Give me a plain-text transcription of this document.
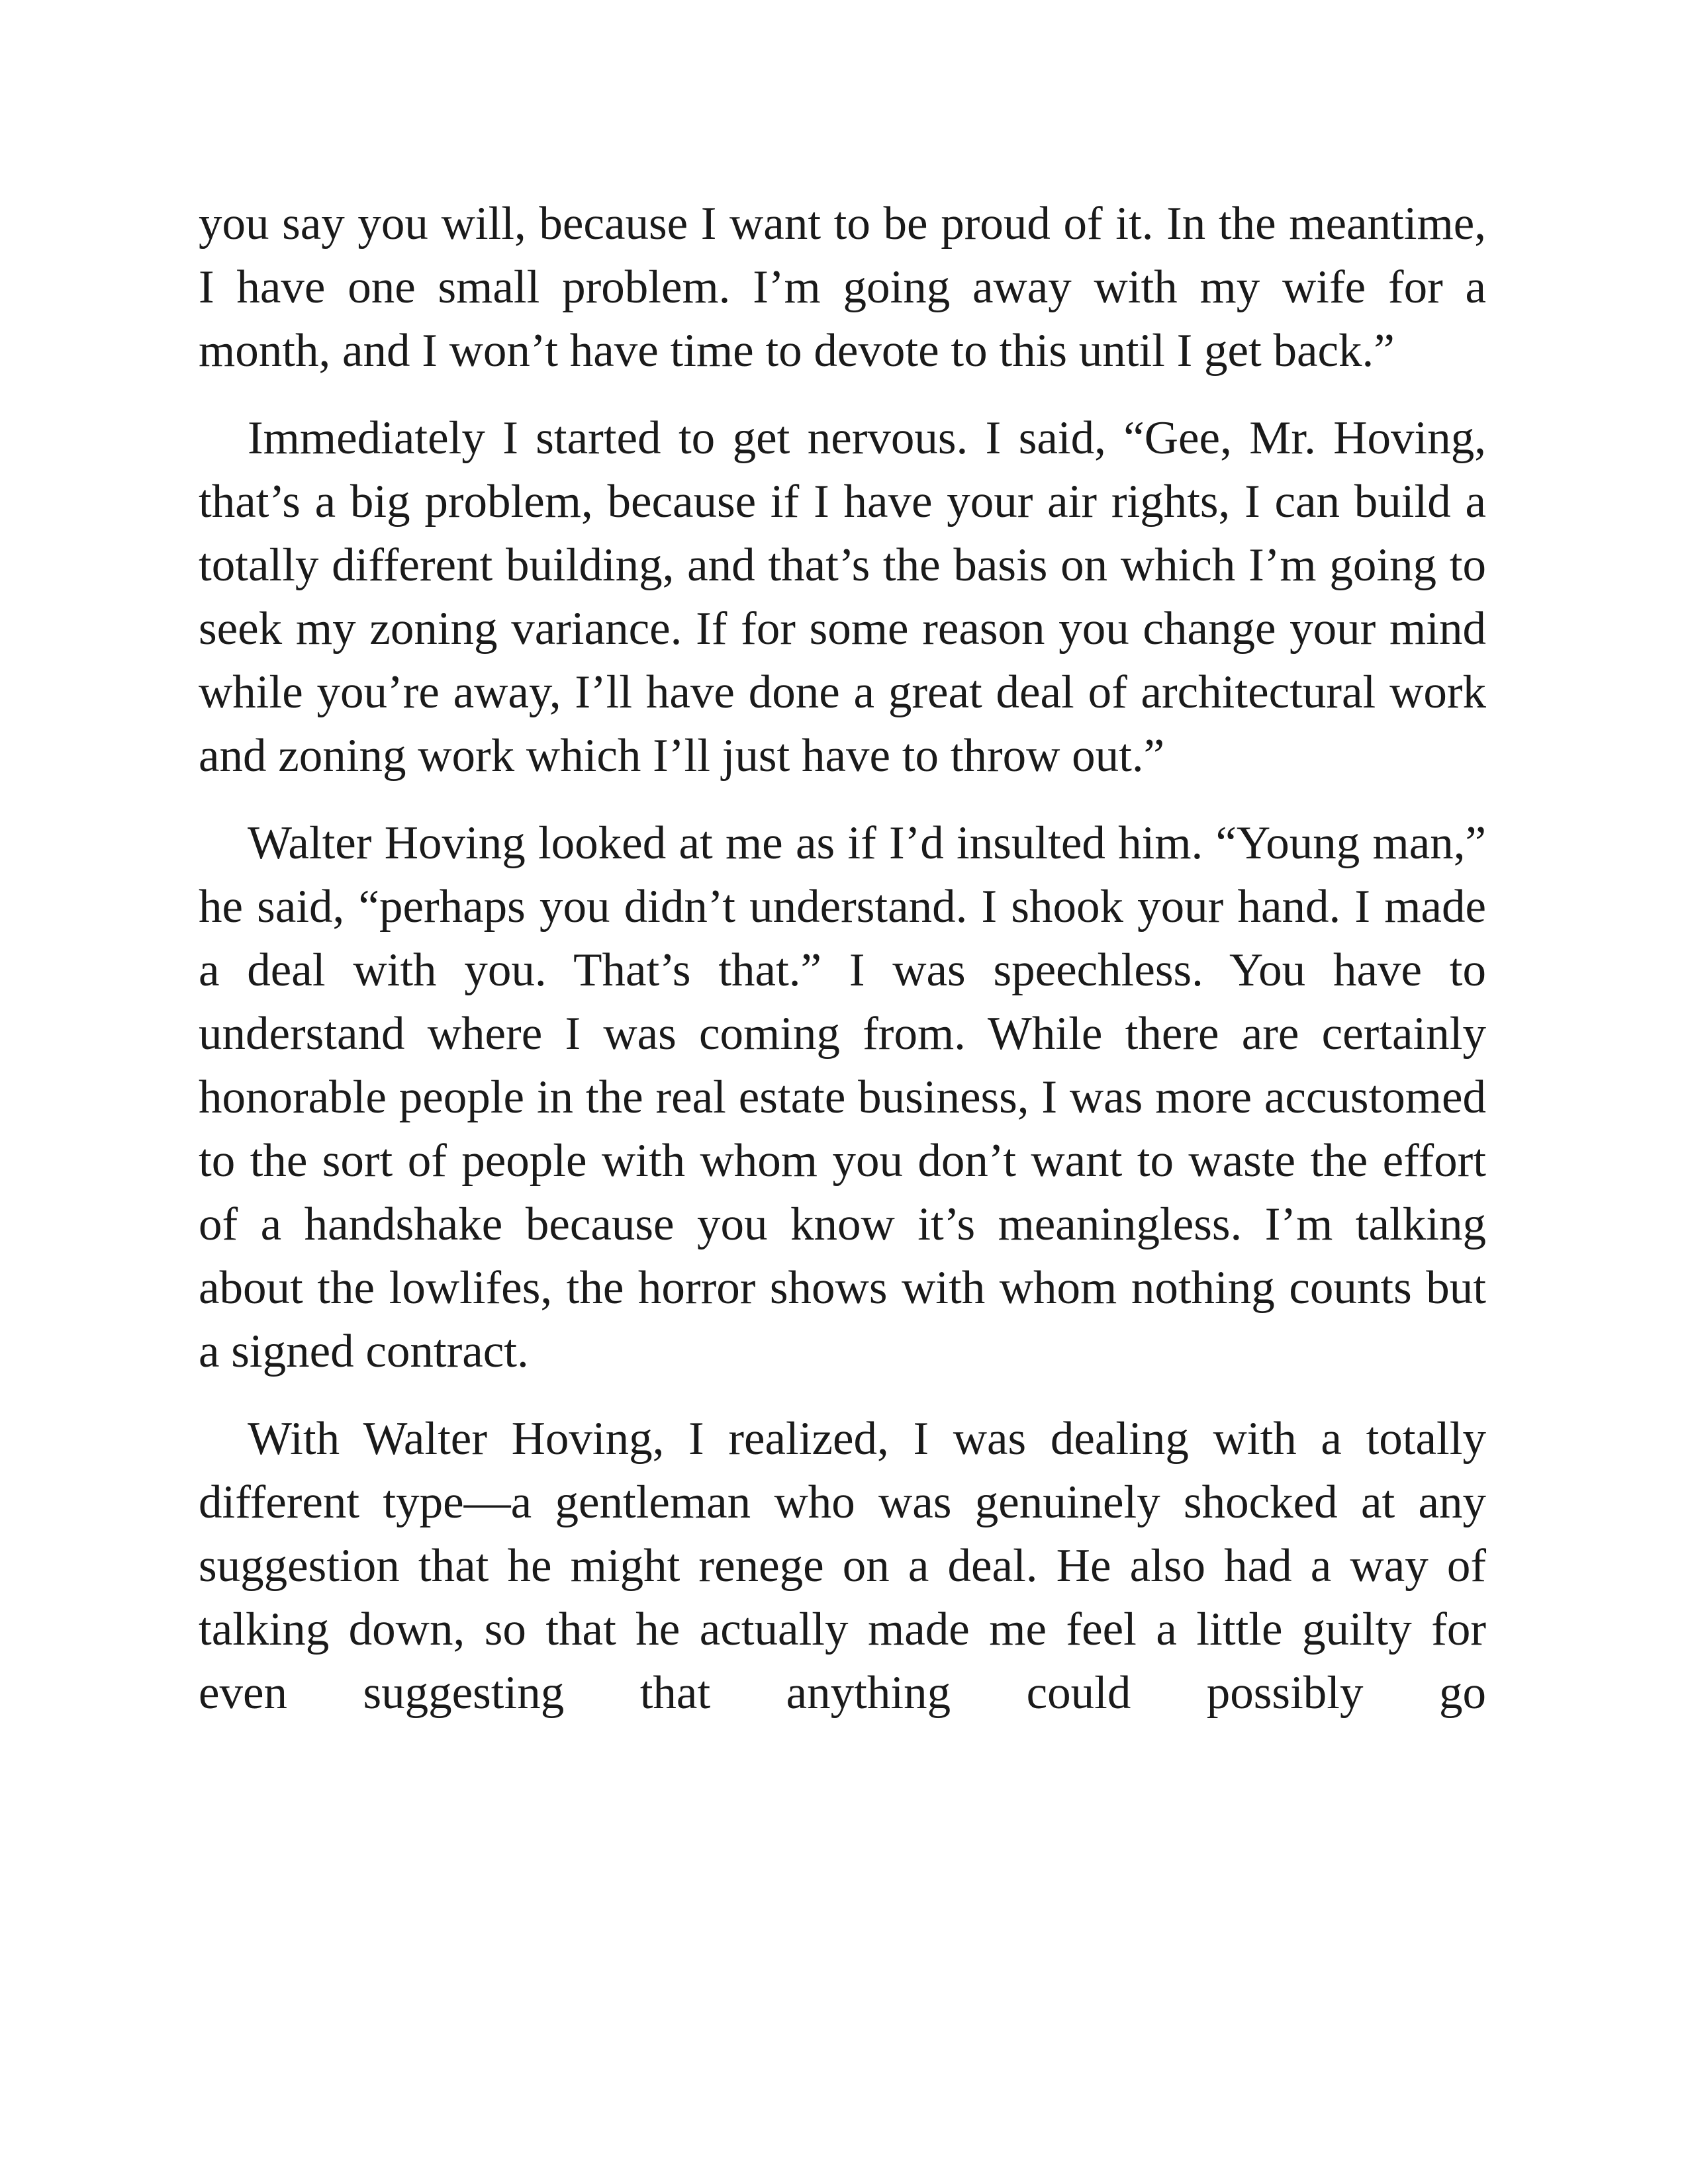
you say you will, because I want to be proud of it. In the meantime, I have one small problem. I’m going away with my wife for a month, and I won’t have time to devote to this until I get back.”

Immediately I started to get nervous. I said, “Gee, Mr. Hoving, that’s a big problem, because if I have your air rights, I can build a totally different building, and that’s the basis on which I’m going to seek my zoning variance. If for some reason you change your mind while you’re away, I’ll have done a great deal of architectural work and zoning work which I’ll just have to throw out.”

Walter Hoving looked at me as if I’d insulted him. “Young man,” he said, “perhaps you didn’t understand. I shook your hand. I made a deal with you. That’s that.” I was speechless. You have to understand where I was coming from. While there are certainly honorable people in the real estate business, I was more accustomed to the sort of people with whom you don’t want to waste the effort of a handshake because you know it’s meaningless. I’m talking about the lowlifes, the horror shows with whom nothing counts but a signed contract.

With Walter Hoving, I realized, I was dealing with a totally different type—a gentleman who was genuinely shocked at any suggestion that he might renege on a deal. He also had a way of talking down, so that he actually made me feel a little guilty for even suggesting that anything could possibly go
